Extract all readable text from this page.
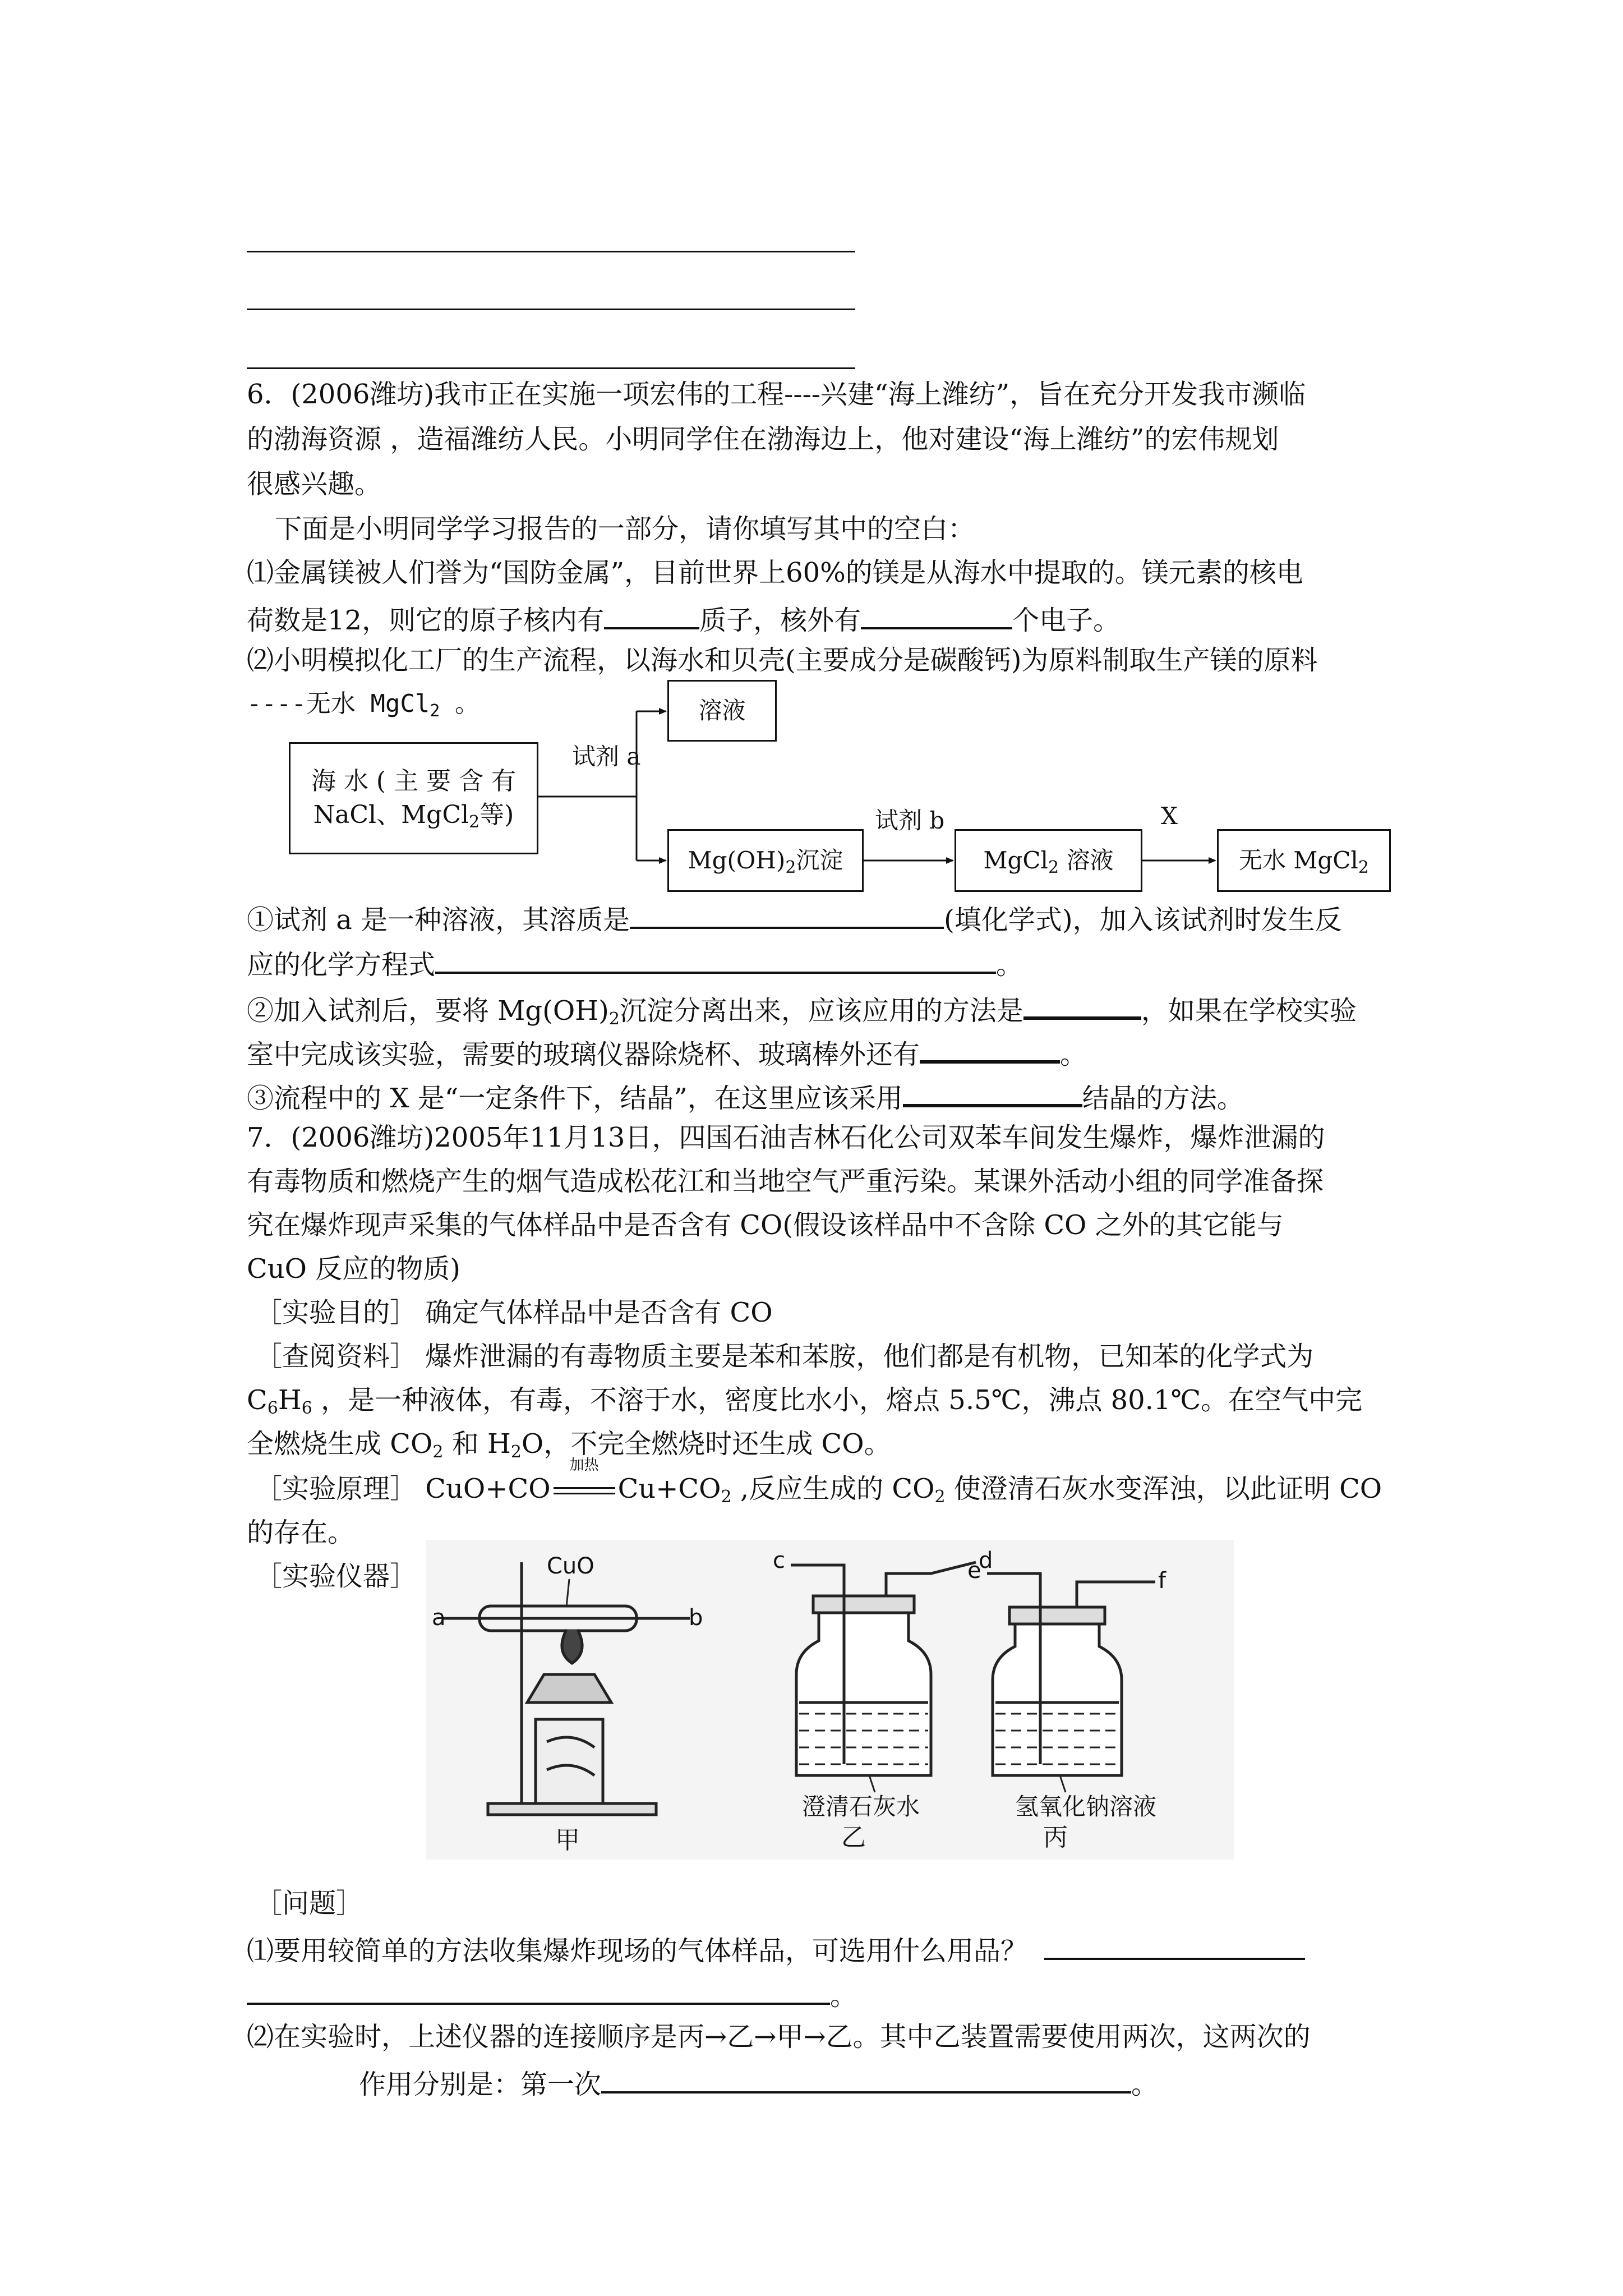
6．(2006潍坊)我市正在实施一项宏伟的工程----兴建“海上潍纺”，旨在充分开发我市濒临
的渤海资源 ，造福潍纺人民。小明同学住在渤海边上，他对建设“海上潍纺”的宏伟规划
很感兴趣。
下面是小明同学学习报告的一部分，请你填写其中的空白：
⑴金属镁被人们誉为“国防金属”，目前世界上60%的镁是从海水中提取的。镁元素的核电
荷数是12，则它的原子核内有	质子，核外有	个电子。
⑵小明模拟化工厂的生产流程，以海水和贝壳(主要成分是碳酸钙)为原料制取生产镁的原料
----无水 MgCl$_2$ 。
海 水 ( 主 要 含 有
NaCl、MgCl$_2$等)
溶液
$Mg(OH)_2$沉淀	MgCl$_2$ 溶液	无水 MgCl$_2$
试剂 a
试剂 b	X
①试剂 a 是一种溶液，其溶质是	(填化学式)，加入该试剂时发生反
应的化学方程式	。
②加入试剂后，要将 $Mg(OH)_2$沉淀分离出来，应该应用的方法是	，如果在学校实验
室中完成该实验，需要的玻璃仪器除烧杯、玻璃棒外还有	。
③流程中的 X 是“一定条件下，结晶”，在这里应该采用	结晶的方法。
7．(2006潍坊)2005年11月13日，四国石油吉林石化公司双苯车间发生爆炸，爆炸泄漏的
有毒物质和燃烧产生的烟气造成松花江和当地空气严重污染。某课外活动小组的同学准备探
究在爆炸现声采集的气体样品中是否含有 CO(假设该样品中不含除 CO 之外的其它能与
CuO 反应的物质)
［实验目的］ 确定气体样品中是否含有 CO
［查阅资料］ 爆炸泄漏的有毒物质主要是苯和苯胺，他们都是有机物，已知苯的化学式为
$C_6H_6$ ，是一种液体，有毒，不溶于水，密度比水小，熔点 5.5℃，沸点 80.1℃。在空气中完
全燃烧生成 $CO_2$ 和 $H_2O$，不完全燃烧时还生成 CO。
［实验原理］ CuO+CO
加热
$Cu+CO_2$ ,反应生成的 $CO_2$ 使澄清石灰水变浑浊，以此证明 CO
的存在。
［实验仪器］	CuO
a	b
甲
c	d
澄清石灰水
乙
e	f
氢氧化钠溶液
丙
［问题］
⑴要用较简单的方法收集爆炸现场的气体样品，可选用什么用品？
。
⑵在实验时，上述仪器的连接顺序是丙→乙→甲→乙。其中乙装置需要使用两次，这两次的
作用分别是：第一次	。
